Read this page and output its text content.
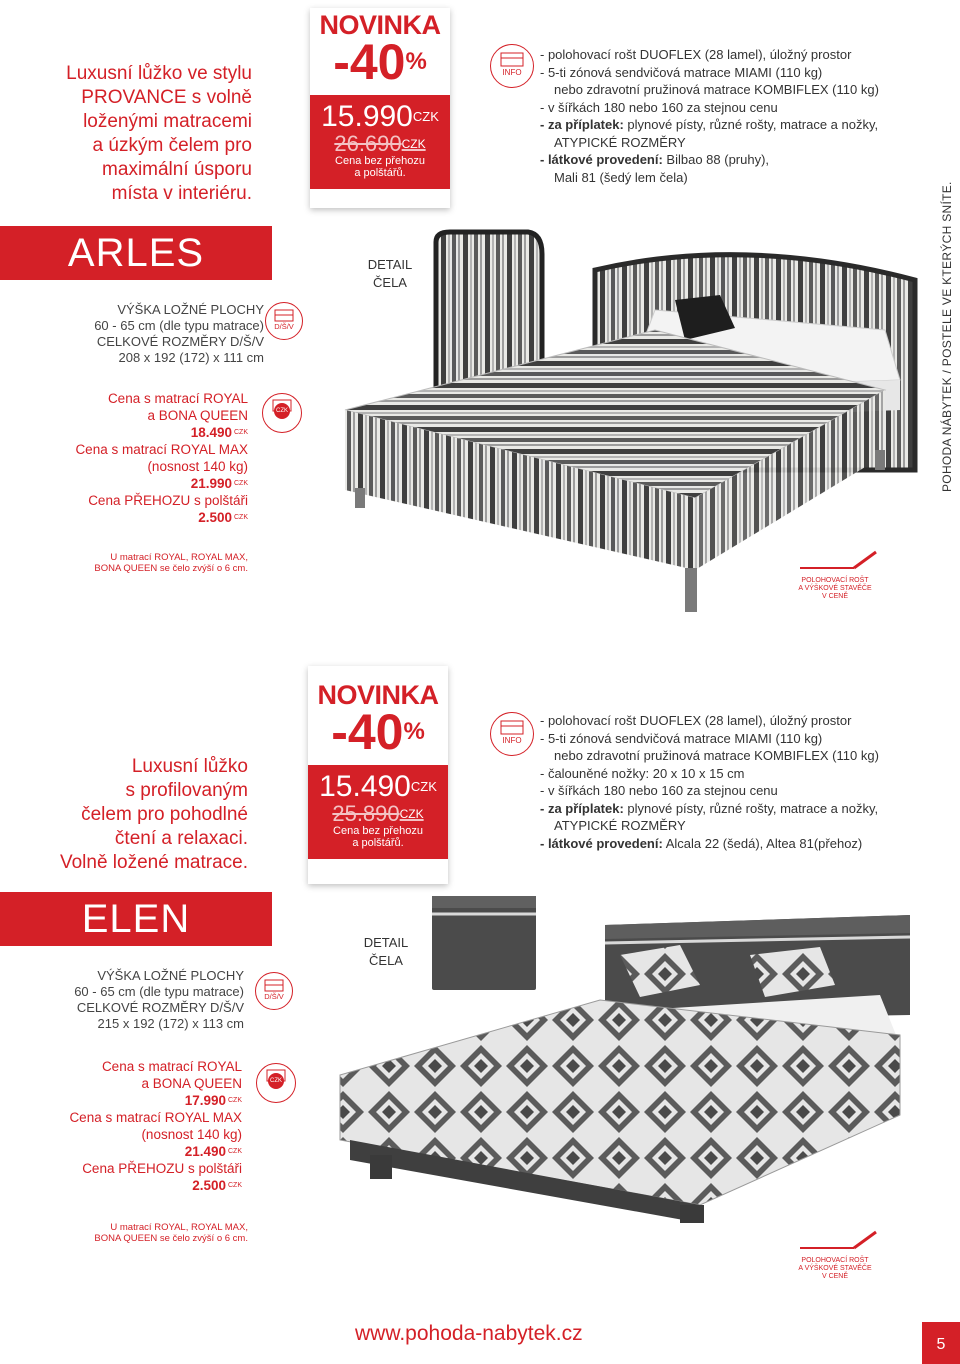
Luxusní lůžko ve stylu
PROVANCE s volně
loženými matracemi
a úzkým čelem pro
maximální úsporu
místa v interiéru.
ARLES
VÝŠKA LOŽNÉ PLOCHY
60 - 65 cm (dle typu matrace)
CELKOVÉ ROZMĚRY D/Š/V
208 x 192 (172) x 111 cm
D/Š/V
Cena s matrací ROYAL
a BONA QUEEN
18.490 $^{CZK}$
Cena s matrací ROYAL MAX
(nosnost 140 kg)
21.990 $^{CZK}$
Cena PŘEHOZU s polštáři
2.500 $^{CZK}$
CZK
U matrací ROYAL, ROYAL MAX,
BONA QUEEN se čelo zvýší o 6 cm.
NOVINKA
-40%
$15.990^{CZK}$
$26.690^{CZK}$
Cena bez přehozu
a polštářů.
DETAIL
ČELA
INFO
- polohovací rošt DUOFLEX (28 lamel), úložný prostor
- 5-ti zónová sendvičová matrace MIAMI (110 kg)
nebo zdravotní pružinová matrace KOMBIFLEX (110 kg)
- v šířkách 180 nebo 160 za stejnou cenu
- za příplatek: plynové písty, různé rošty, matrace a nožky,
ATYPICKÉ ROZMĚRY
- látkové provedení: Bilbao 88 (pruhy),
Mali 81 (šedý lem čela)
POHODA NÁBYTEK / POSTELE VE KTERÝCH SNÍTE.
POLOHOVACÍ ROŠT
A VÝŠKOVÉ STAVĚČE
V CENĚ
Luxusní lůžko
s profilovaným
čelem pro pohodlné
čtení a relaxaci.
Volně ložené matrace.
ELEN
VÝŠKA LOŽNÉ PLOCHY
60 - 65 cm (dle typu matrace)
CELKOVÉ ROZMĚRY D/Š/V
215 x 192 (172) x 113 cm
D/Š/V
Cena s matrací ROYAL
a BONA QUEEN
17.990 $^{CZK}$
Cena s matrací ROYAL MAX
(nosnost 140 kg)
21.490 $^{CZK}$
Cena PŘEHOZU s polštáři
2.500 $^{CZK}$
CZK
U matrací ROYAL, ROYAL MAX,
BONA QUEEN se čelo zvýší o 6 cm.
NOVINKA
-40%
$15.490^{CZK}$
$25.890^{CZK}$
Cena bez přehozu
a polštářů.
DETAIL
ČELA
INFO
- polohovací rošt DUOFLEX (28 lamel), úložný prostor
- 5-ti zónová sendvičová matrace MIAMI (110 kg)
nebo zdravotní pružinová matrace KOMBIFLEX (110 kg)
- čalouněné nožky: 20 x 10 x 15 cm
- v šířkách 180 nebo 160 za stejnou cenu
- za příplatek: plynové písty, různé rošty, matrace a nožky,
ATYPICKÉ ROZMĚRY
- látkové provedení: Alcala 22 (šedá), Altea 81(přehoz)
POLOHOVACÍ ROŠT
A VÝŠKOVÉ STAVĚČE
V CENĚ
www.pohoda-nabytek.cz	5
